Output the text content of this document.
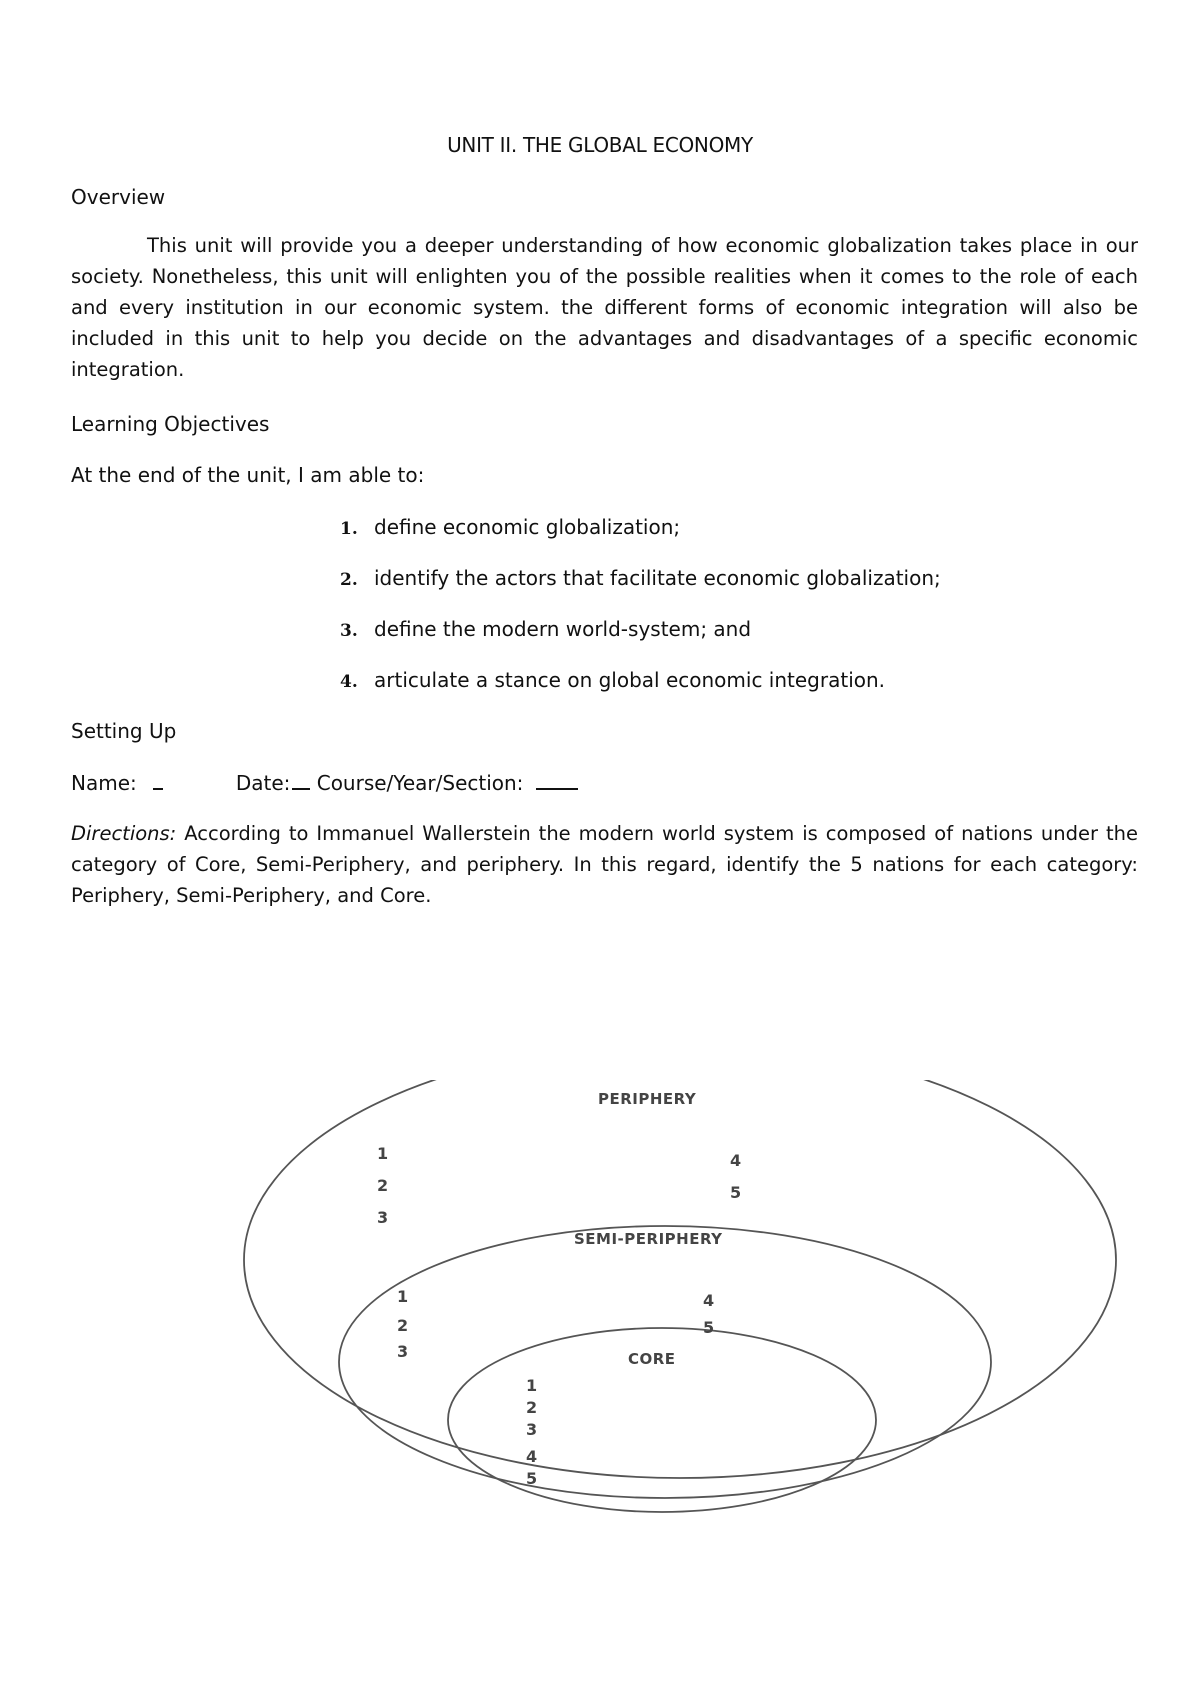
UNIT II. THE GLOBAL ECONOMY

Overview

This unit will provide you a deeper understanding of how economic globalization takes place in our society. Nonetheless, this unit will enlighten you of the possible realities when it comes to the role of each and every institution in our economic system. the different forms of economic integration will also be included in this unit to help you decide on the advantages and disadvantages of a specific economic integration.

Learning Objectives

At the end of the unit, I am able to:

1. define economic globalization;
2. identify the actors that facilitate economic globalization;
3. define the modern world-system; and
4. articulate a stance on global economic integration.

Setting Up

Name:	Date: Course/Year/Section:

Directions: According to Immanuel Wallerstein the modern world system is composed of nations under the category of Core, Semi-Periphery, and periphery. In this regard, identify the 5 nations for each category: Periphery, Semi-Periphery, and Core.

PERIPHERY
1
2
3
4
5
SEMI-PERIPHERY
1
2
3
4
5
CORE
1
2
3
4
5
